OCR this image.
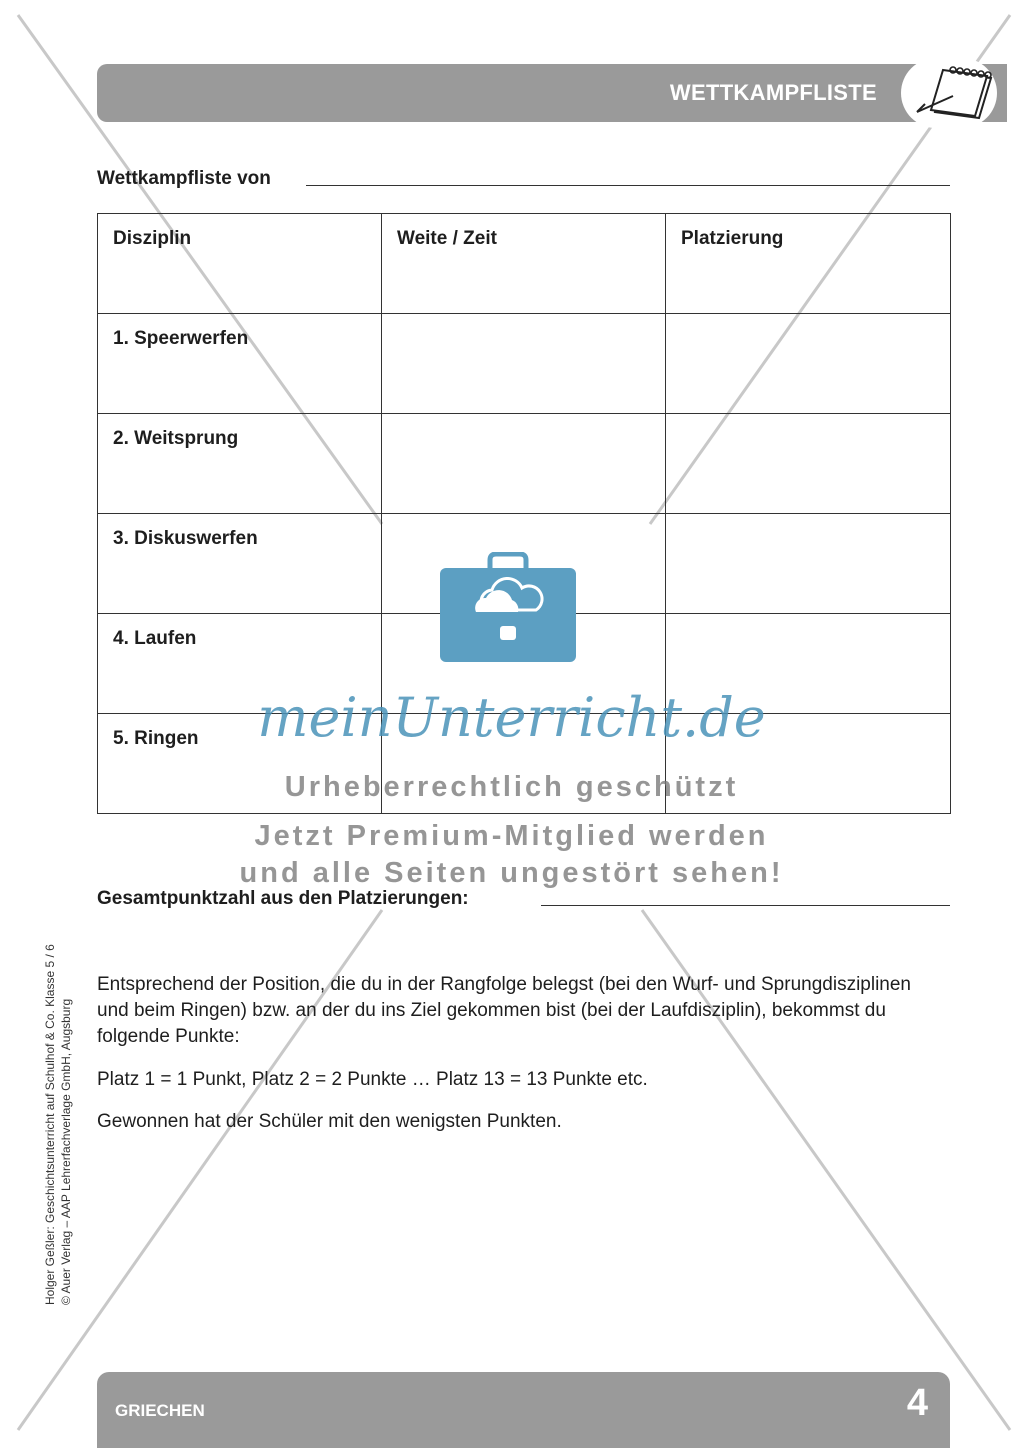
WETTKAMPFLISTE
Wettkampfliste von
Disziplin	Weite / Zeit	Platzierung
1. Speerwerfen		
2. Weitsprung		
3. Diskuswerfen		
4. Laufen		
5. Ringen		
Gesamtpunktzahl aus den Platzierungen:
Entsprechend der Position, die du in der Rangfolge belegst (bei den Wurf- und Sprungdisziplinen und beim Ringen) bzw. an der du ins Ziel gekommen bist (bei der Laufdisziplin), bekommst du folgende Punkte:
Platz 1 = 1 Punkt, Platz 2 = 2 Punkte … Platz 13 = 13 Punkte etc.
Gewonnen hat der Schüler mit den wenigsten Punkten.
Holger Geßler: Geschichtsunterricht auf Schulhof & Co. Klasse 5 / 6 © Auer Verlag – AAP Lehrerfachverlage GmbH, Augsburg
GRIECHEN	4
meinUnterricht.de
Urheberrechtlich geschützt
Jetzt Premium-Mitglied werden
und alle Seiten ungestört sehen!
